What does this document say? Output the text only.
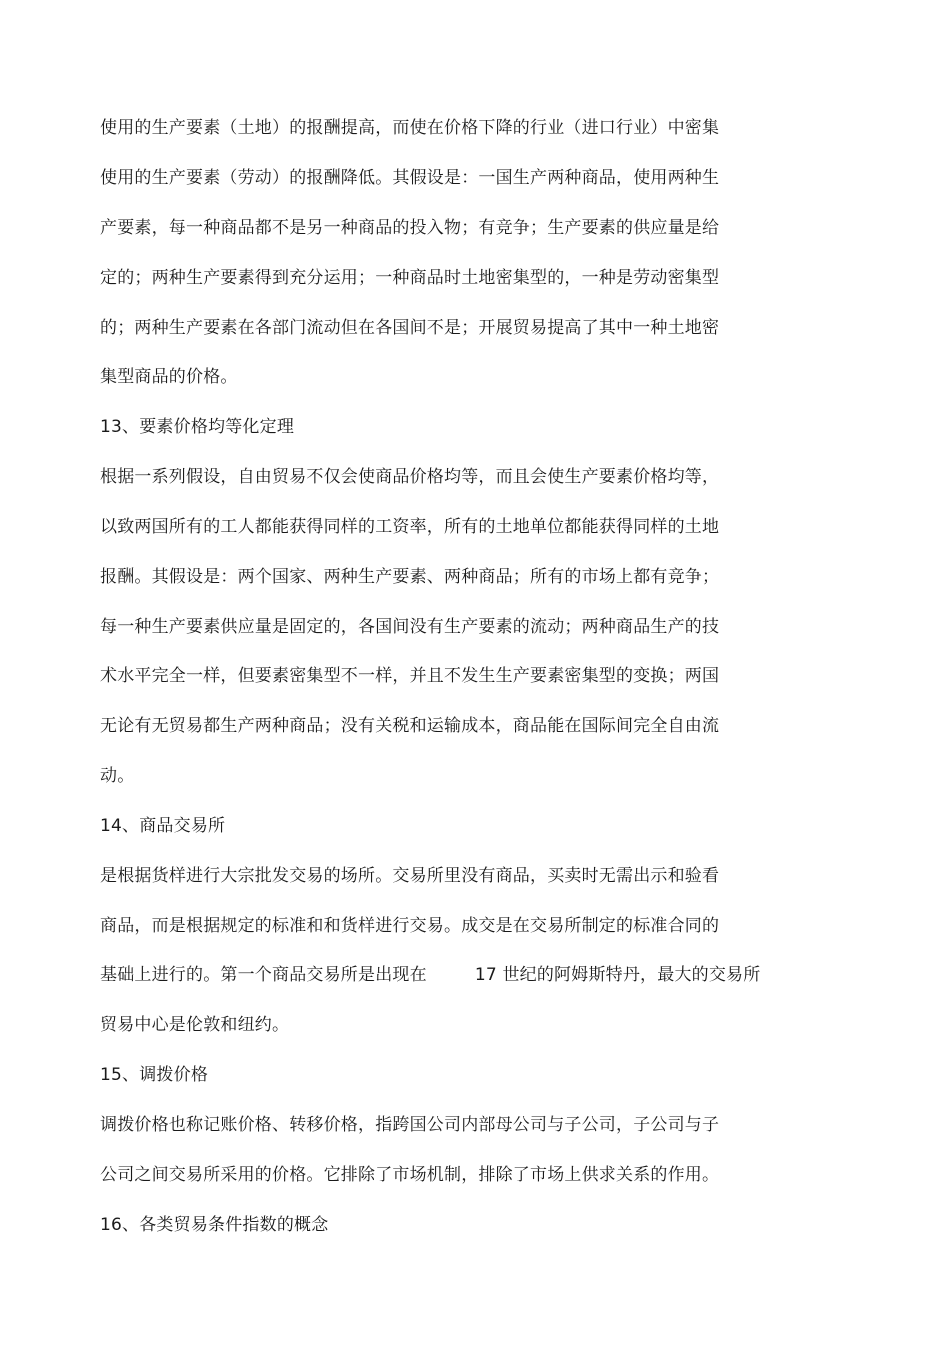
使用的生产要素（土地）的报酬提高，而使在价格下降的行业（进口行业）中密集
使用的生产要素（劳动）的报酬降低。其假设是：一国生产两种商品，使用两种生
产要素，每一种商品都不是另一种商品的投入物；有竞争；生产要素的供应量是给
定的；两种生产要素得到充分运用；一种商品时土地密集型的，一种是劳动密集型
的；两种生产要素在各部门流动但在各国间不是；开展贸易提高了其中一种土地密
集型商品的价格。
13、要素价格均等化定理
根据一系列假设，自由贸易不仅会使商品价格均等，而且会使生产要素价格均等，
以致两国所有的工人都能获得同样的工资率，所有的土地单位都能获得同样的土地
报酬。其假设是：两个国家、两种生产要素、两种商品；所有的市场上都有竞争；
每一种生产要素供应量是固定的，各国间没有生产要素的流动；两种商品生产的技
术水平完全一样，但要素密集型不一样，并且不发生生产要素密集型的变换；两国
无论有无贸易都生产两种商品；没有关税和运输成本，商品能在国际间完全自由流
动。
14、商品交易所
是根据货样进行大宗批发交易的场所。交易所里没有商品，买卖时无需出示和验看
商品，而是根据规定的标准和和货样进行交易。成交是在交易所制定的标准合同的
基础上进行的。第一个商品交易所是出现在	17 世纪的阿姆斯特丹，最大的交易所
贸易中心是伦敦和纽约。
15、调拨价格
调拨价格也称记账价格、转移价格，指跨国公司内部母公司与子公司，子公司与子
公司之间交易所采用的价格。它排除了市场机制，排除了市场上供求关系的作用。
16、各类贸易条件指数的概念
